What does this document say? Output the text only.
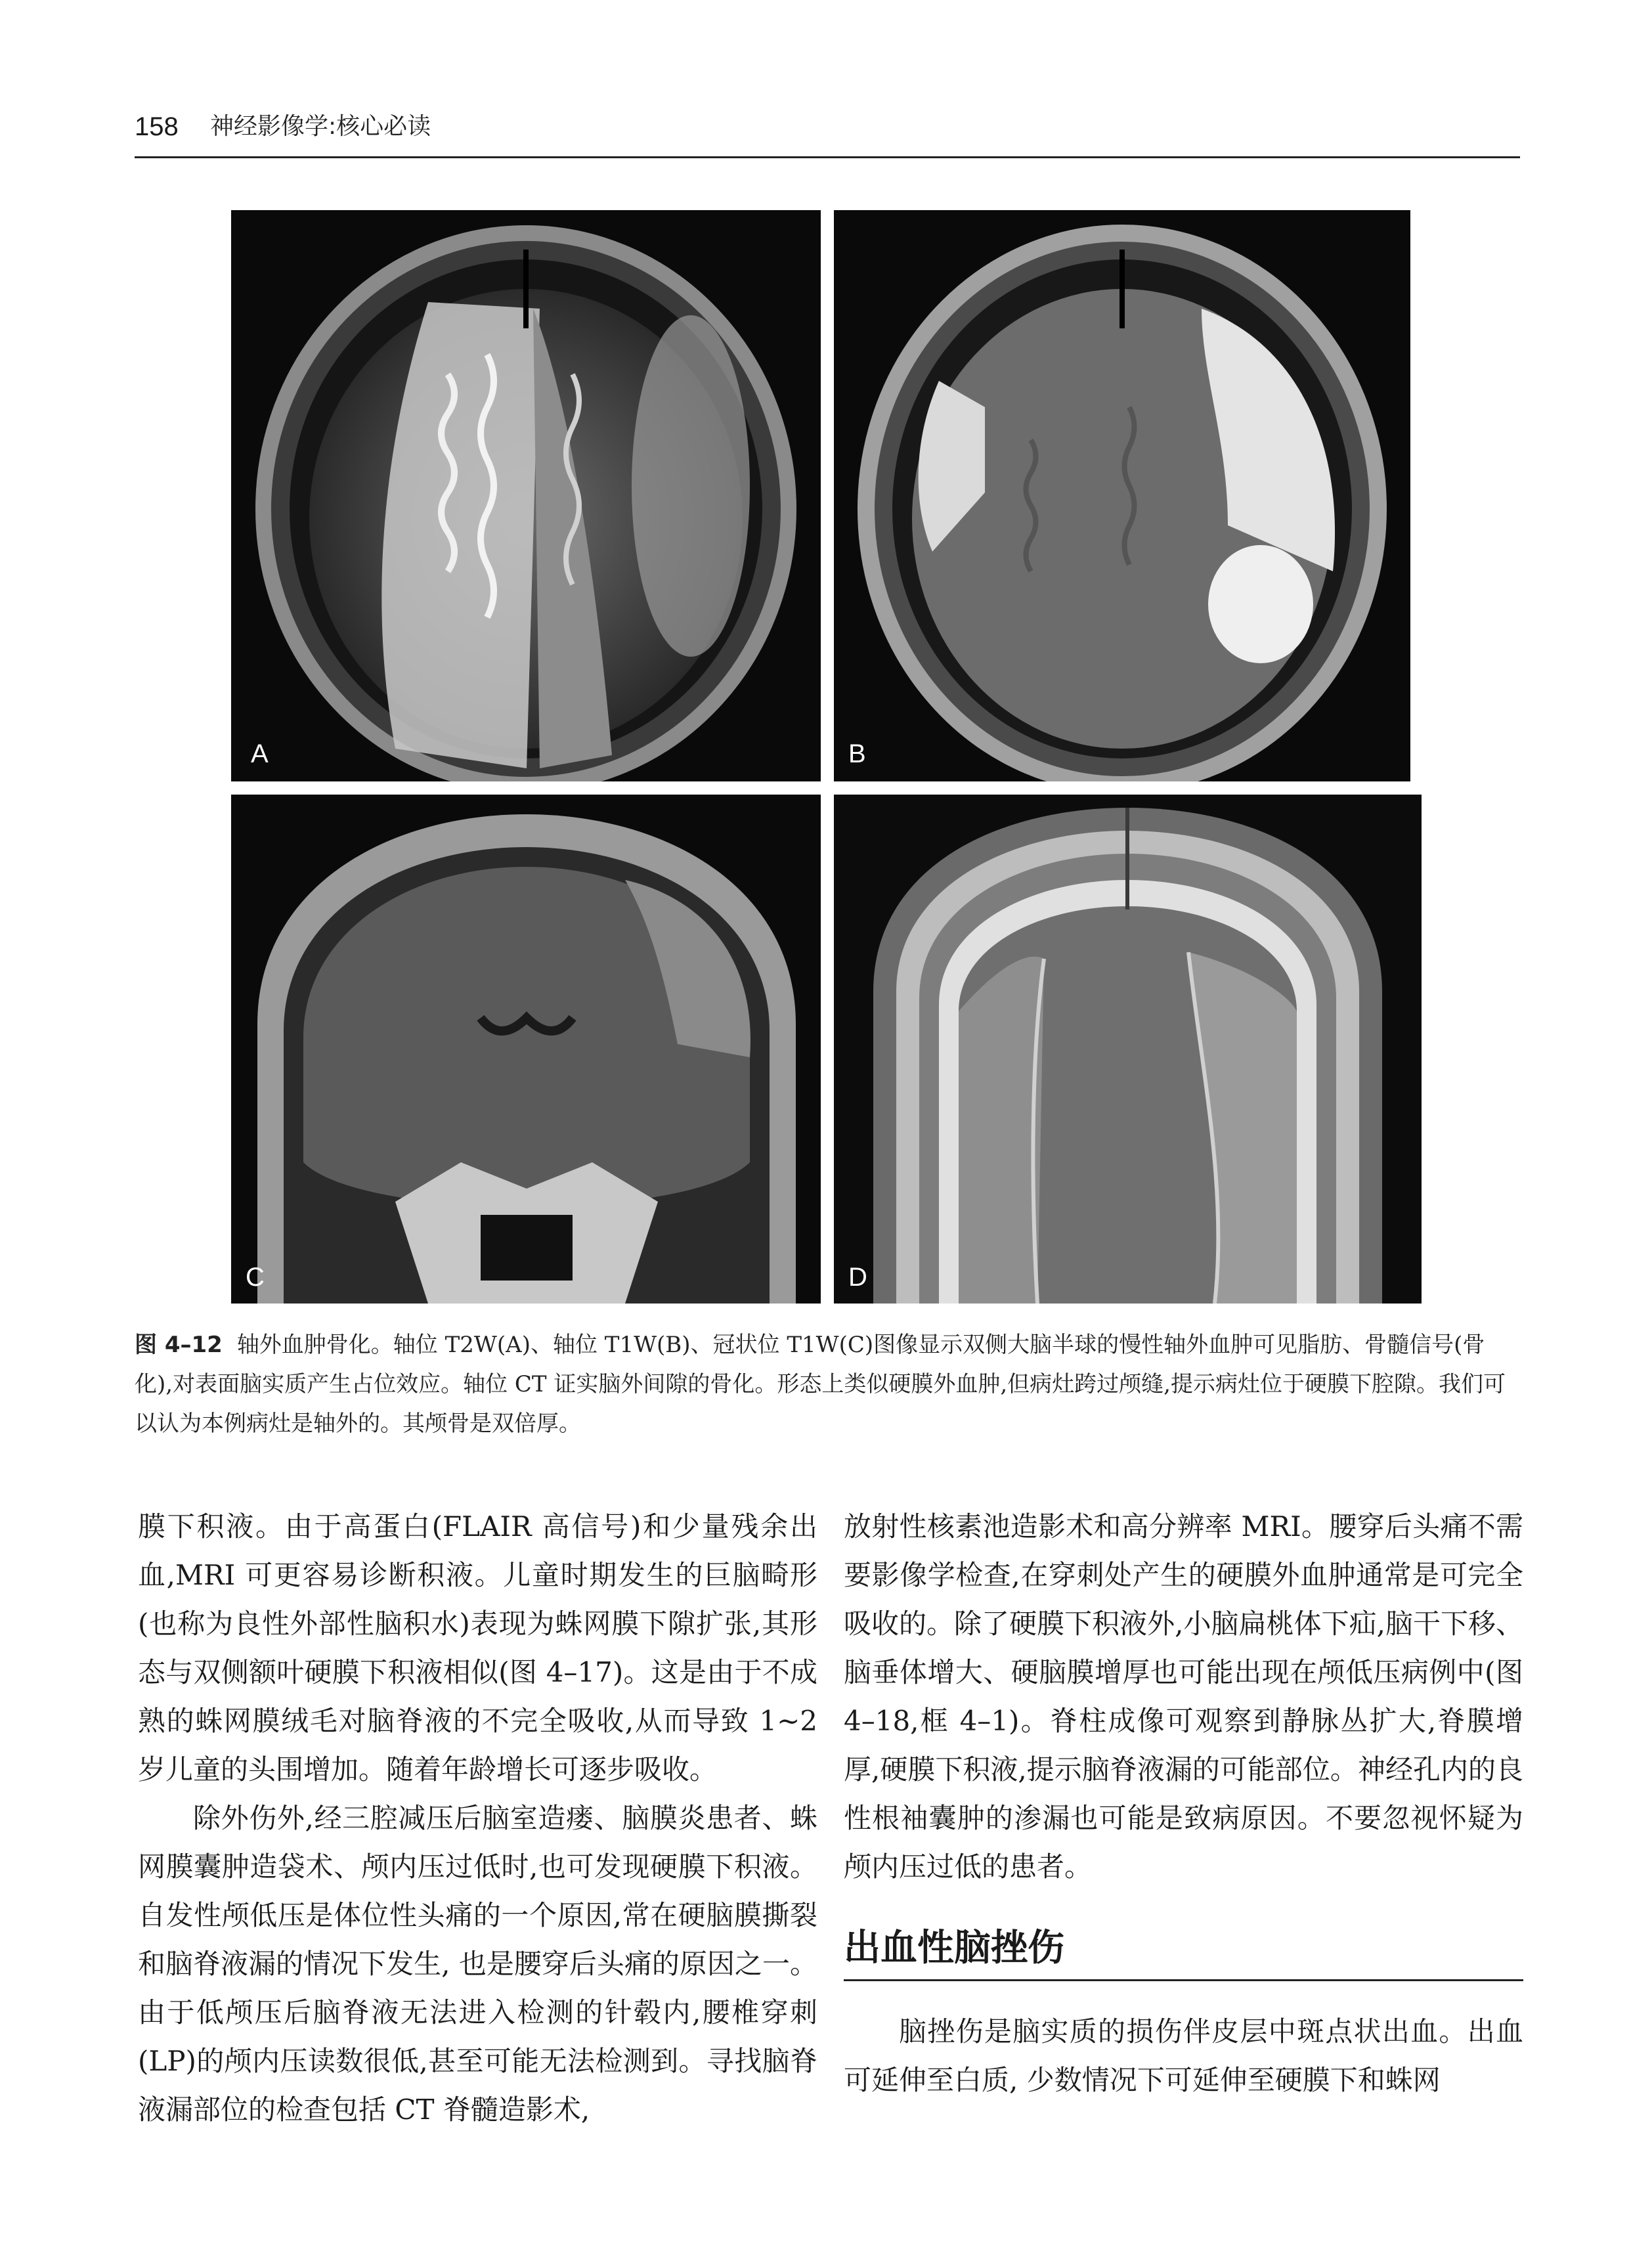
158 神经影像学:核心必读
A	B
C	D
图 4–12 轴外血肿骨化。轴位 T2W(A)、轴位 T1W(B)、冠状位 T1W(C)图像显示双侧大脑半球的慢性轴外血肿可见脂肪、骨髓信号(骨化),对表面脑实质产生占位效应。轴位 CT 证实脑外间隙的骨化。形态上类似硬膜外血肿,但病灶跨过颅缝,提示病灶位于硬膜下腔隙。我们可以认为本例病灶是轴外的。其颅骨是双倍厚。

膜下积液。由于高蛋白(FLAIR 高信号)和少量残余出血,MRI 可更容易诊断积液。儿童时期发生的巨脑畸形(也称为良性外部性脑积水)表现为蛛网膜下隙扩张,其形态与双侧额叶硬膜下积液相似(图 4–17)。这是由于不成熟的蛛网膜绒毛对脑脊液的不完全吸收,从而导致 1~2 岁儿童的头围增加。随着年龄增长可逐步吸收。

除外伤外,经三腔减压后脑室造瘘、脑膜炎患者、蛛网膜囊肿造袋术、颅内压过低时,也可发现硬膜下积液。自发性颅低压是体位性头痛的一个原因,常在硬脑膜撕裂和脑脊液漏的情况下发生, 也是腰穿后头痛的原因之一。由于低颅压后脑脊液无法进入检测的针毂内,腰椎穿刺(LP)的颅内压读数很低,甚至可能无法检测到。寻找脑脊液漏部位的检查包括 CT 脊髓造影术,

放射性核素池造影术和高分辨率 MRI。腰穿后头痛不需要影像学检查,在穿刺处产生的硬膜外血肿通常是可完全吸收的。除了硬膜下积液外,小脑扁桃体下疝,脑干下移、脑垂体增大、硬脑膜增厚也可能出现在颅低压病例中(图 4–18,框 4–1)。脊柱成像可观察到静脉丛扩大,脊膜增厚,硬膜下积液,提示脑脊液漏的可能部位。神经孔内的良性根袖囊肿的渗漏也可能是致病原因。不要忽视怀疑为颅内压过低的患者。

出血性脑挫伤

脑挫伤是脑实质的损伤伴皮层中斑点状出血。出血可延伸至白质, 少数情况下可延伸至硬膜下和蛛网
